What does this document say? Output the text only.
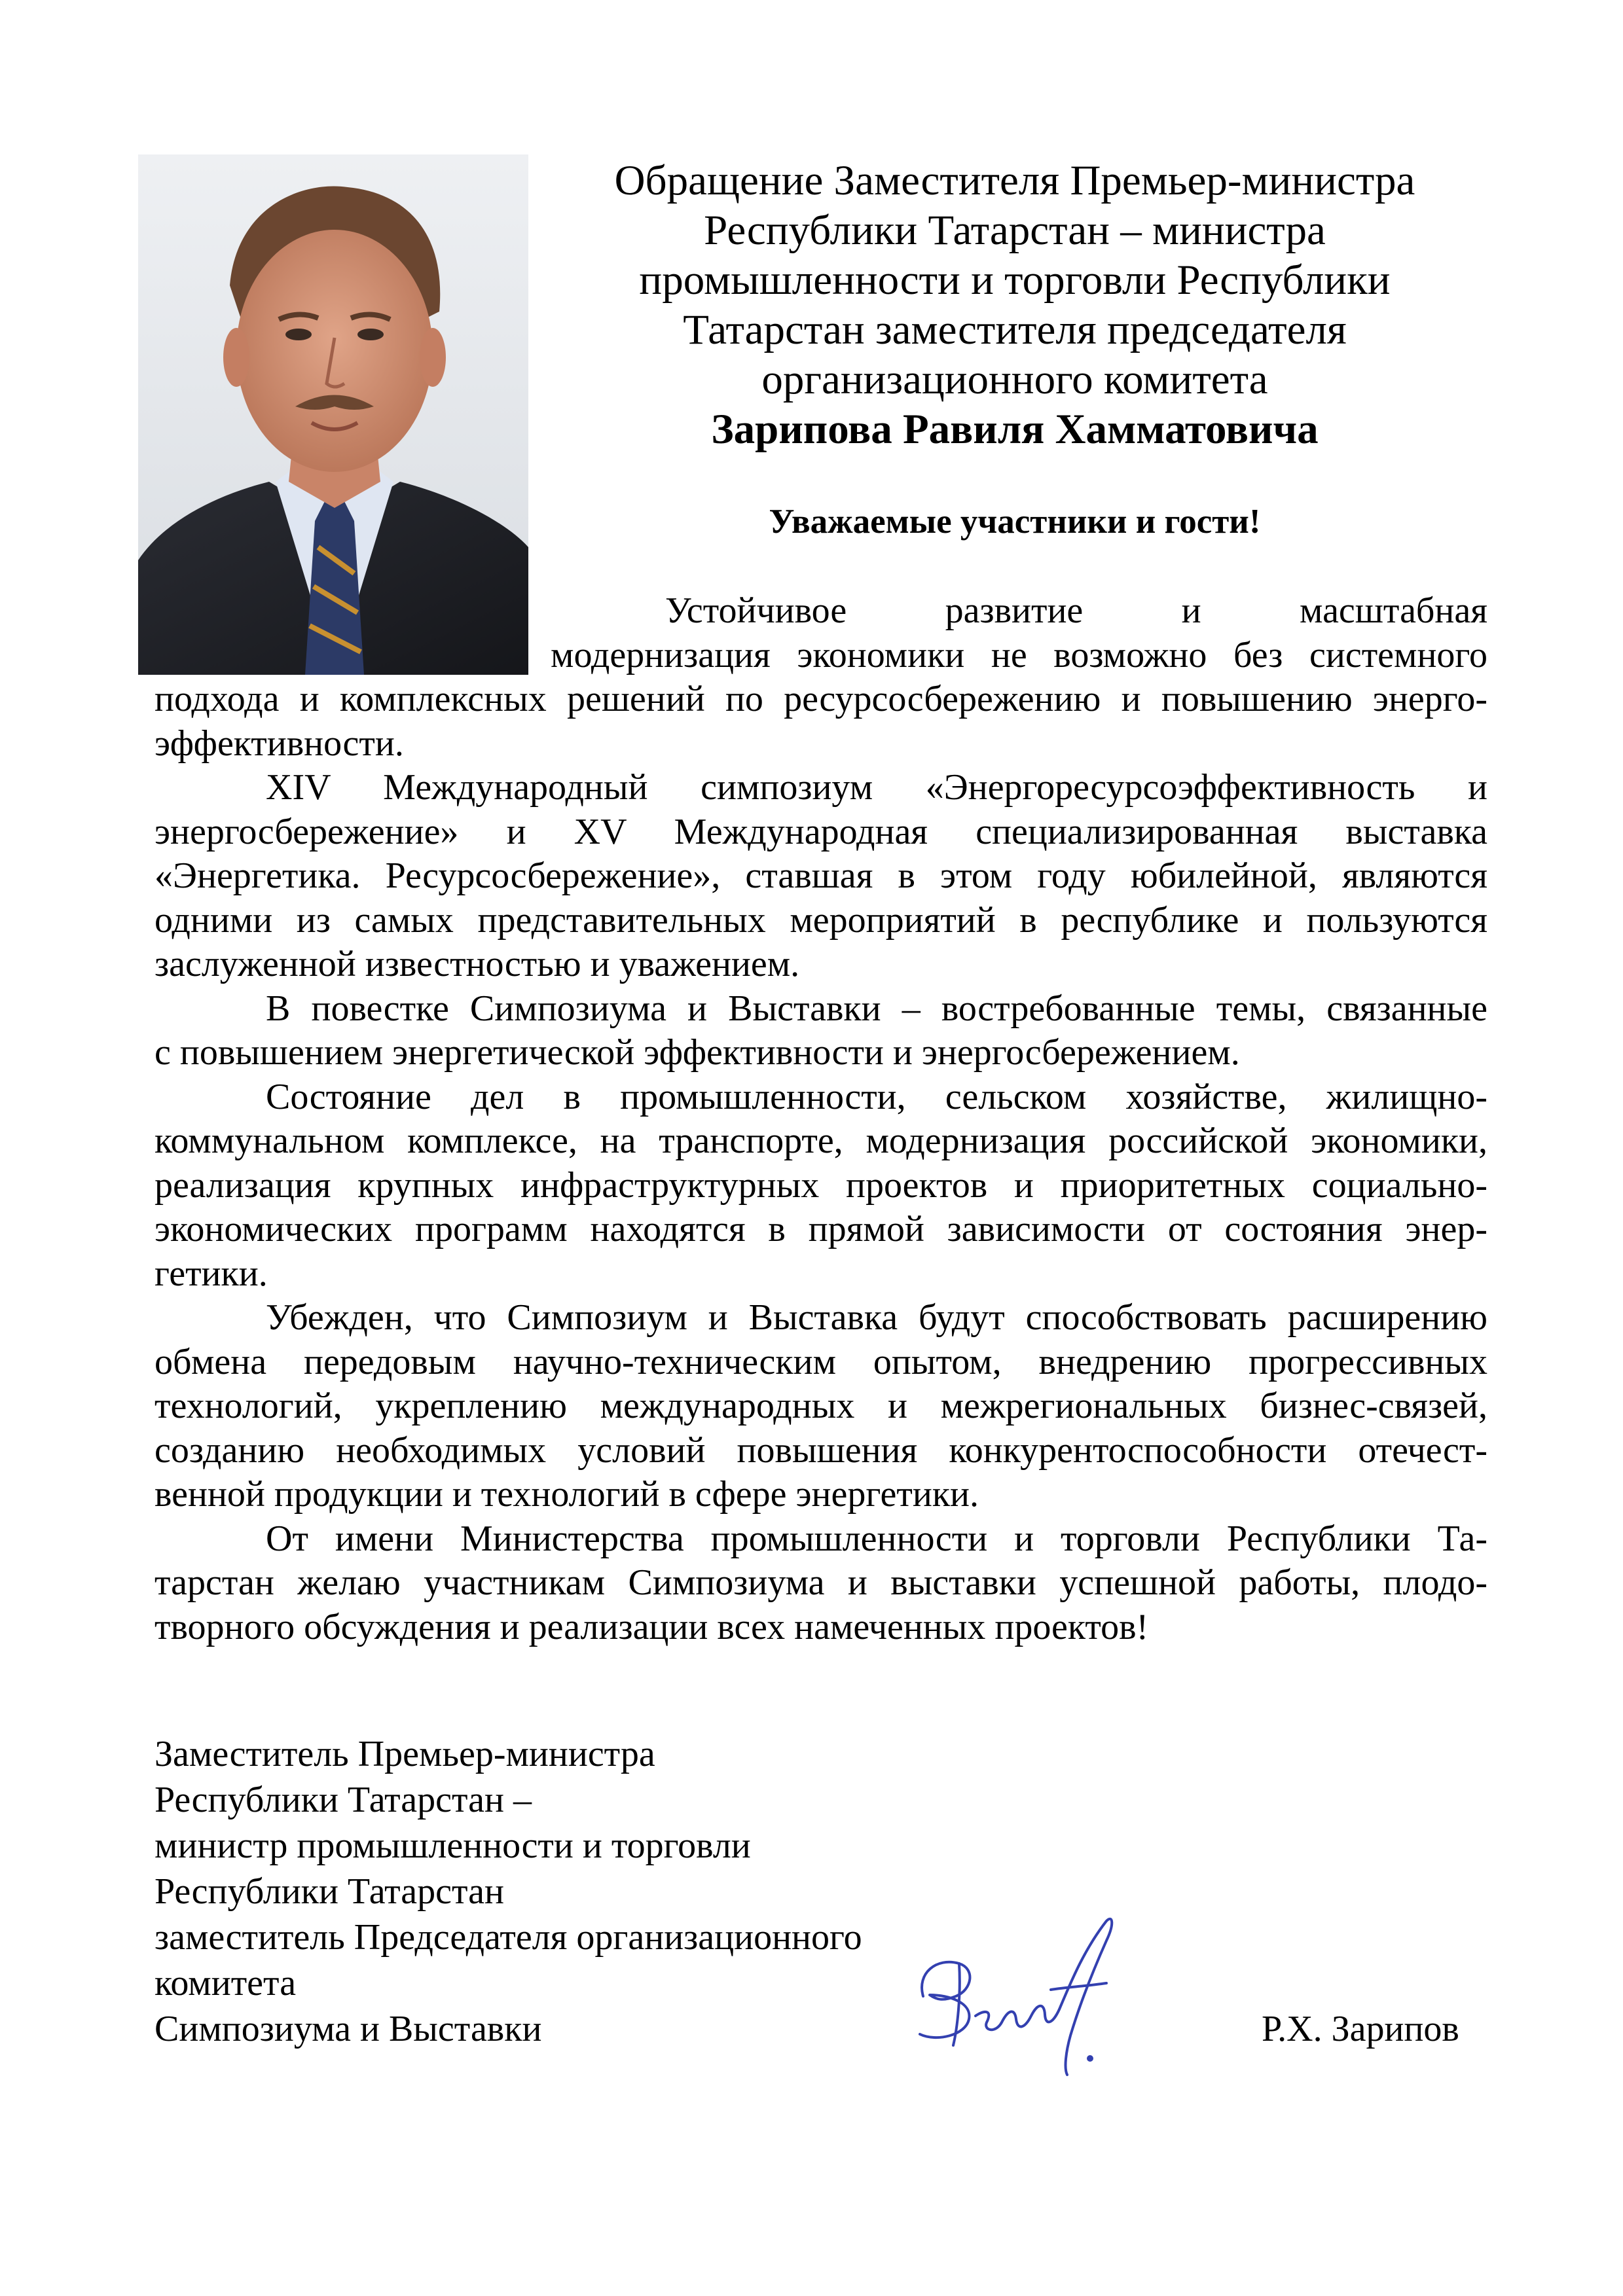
Обращение Заместителя Премьер-министра
Республики Татарстан – министра
промышленности и торговли Республики
Татарстан заместителя председателя
организационного комитета
Зарипова Равиля Хамматовича
Уважаемые участники и гости!
Устойчивое развитие и масштабная
модернизация экономики не возможно без системного
подхода и комплексных решений по ресурсосбережению и повышению энерго-
эффективности.
XIV Международный симпозиум «Энергоресурсоэффективность и
энергосбережение» и XV Международная специализированная выставка
«Энергетика. Ресурсосбережение», ставшая в этом году юбилейной, являются
одними из самых представительных мероприятий в республике и пользуются
заслуженной известностью и уважением.
В повестке Симпозиума и Выставки – востребованные темы, связанные
с повышением энергетической эффективности и энергосбережением.
Состояние дел в промышленности, сельском хозяйстве, жилищно-
коммунальном комплексе, на транспорте, модернизация российской экономики,
реализация крупных инфраструктурных проектов и приоритетных социально-
экономических программ находятся в прямой зависимости от состояния энер-
гетики.
Убежден, что Симпозиум и Выставка будут способствовать расширению
обмена передовым научно-техническим опытом, внедрению прогрессивных
технологий, укреплению международных и межрегиональных бизнес-связей,
созданию необходимых условий повышения конкурентоспособности отечест-
венной продукции и технологий в сфере энергетики.
От имени Министерства промышленности и торговли Республики Та-
тарстан желаю участникам Симпозиума и выставки успешной работы, плодо-
творного обсуждения и реализации всех намеченных проектов!
Заместитель Премьер-министра
Республики Татарстан –
министр промышленности и торговли
Республики Татарстан
заместитель Председателя организационного
комитета
Симпозиума и Выставки	Р.Х. Зарипов
